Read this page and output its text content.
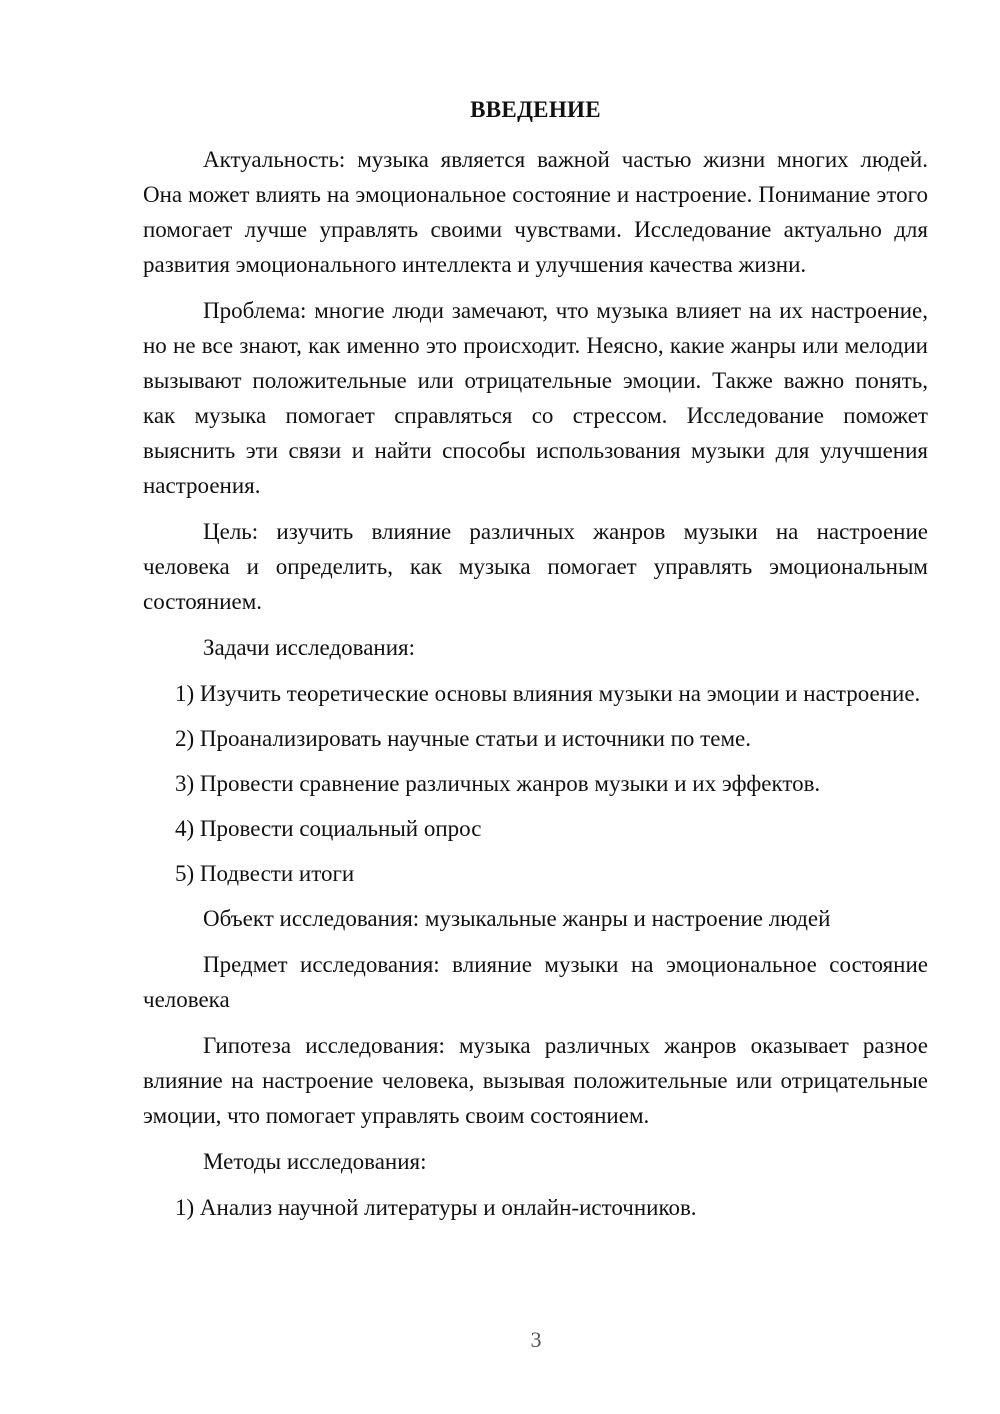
ВВЕДЕНИЕ

Актуальность: музыка является важной частью жизни многих людей. Она может влиять на эмоциональное состояние и настроение. Понимание этого помогает лучше управлять своими чувствами. Исследование актуально для развития эмоционального интеллекта и улучшения качества жизни.

Проблема: многие люди замечают, что музыка влияет на их настроение, но не все знают, как именно это происходит. Неясно, какие жанры или мелодии вызывают положительные или отрицательные эмоции. Также важно понять, как музыка помогает справляться со стрессом. Исследование поможет выяснить эти связи и найти способы использования музыки для улучшения настроения.

Цель: изучить влияние различных жанров музыки на настроение человека и определить, как музыка помогает управлять эмоциональным состоянием.

Задачи исследования:

1) Изучить теоретические основы влияния музыки на эмоции и настроение.

2) Проанализировать научные статьи и источники по теме.

3) Провести сравнение различных жанров музыки и их эффектов.

4) Провести социальный опрос

5) Подвести итоги

Объект исследования: музыкальные жанры и настроение людей

Предмет исследования: влияние музыки на эмоциональное состояние человека

Гипотеза исследования: музыка различных жанров оказывает разное влияние на настроение человека, вызывая положительные или отрицательные эмоции, что помогает управлять своим состоянием.

Методы исследования:

1) Анализ научной литературы и онлайн-источников.

3
